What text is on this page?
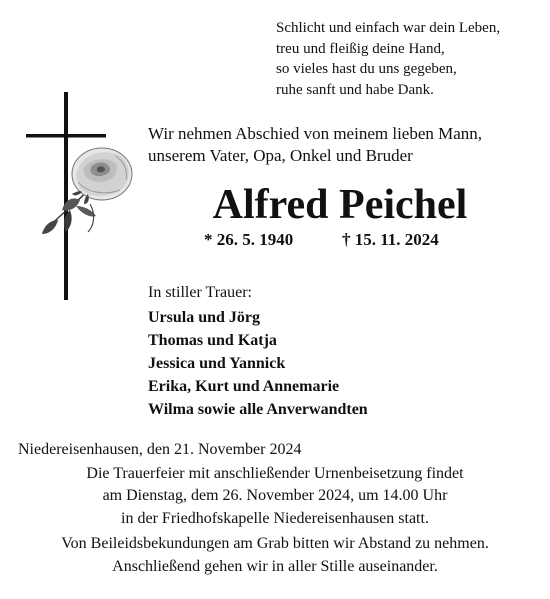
Schlicht und einfach war dein Leben,
treu und fleißig deine Hand,
so vieles hast du uns gegeben,
ruhe sanft und habe Dank.
Wir nehmen Abschied von meinem lieben Mann,
unserem Vater, Opa, Onkel und Bruder
Alfred Peichel
* 26. 5. 1940	† 15. 11. 2024
In stiller Trauer:
Ursula und Jörg
Thomas und Katja
Jessica und Yannick
Erika, Kurt und Annemarie
Wilma sowie alle Anverwandten
Niedereisenhausen, den 21. November 2024
Die Trauerfeier mit anschließender Urnenbeisetzung findet
am Dienstag, dem 26. November 2024, um 14.00 Uhr
in der Friedhofskapelle Niedereisenhausen statt.
Von Beileidsbekundungen am Grab bitten wir Abstand zu nehmen.
Anschließend gehen wir in aller Stille auseinander.
